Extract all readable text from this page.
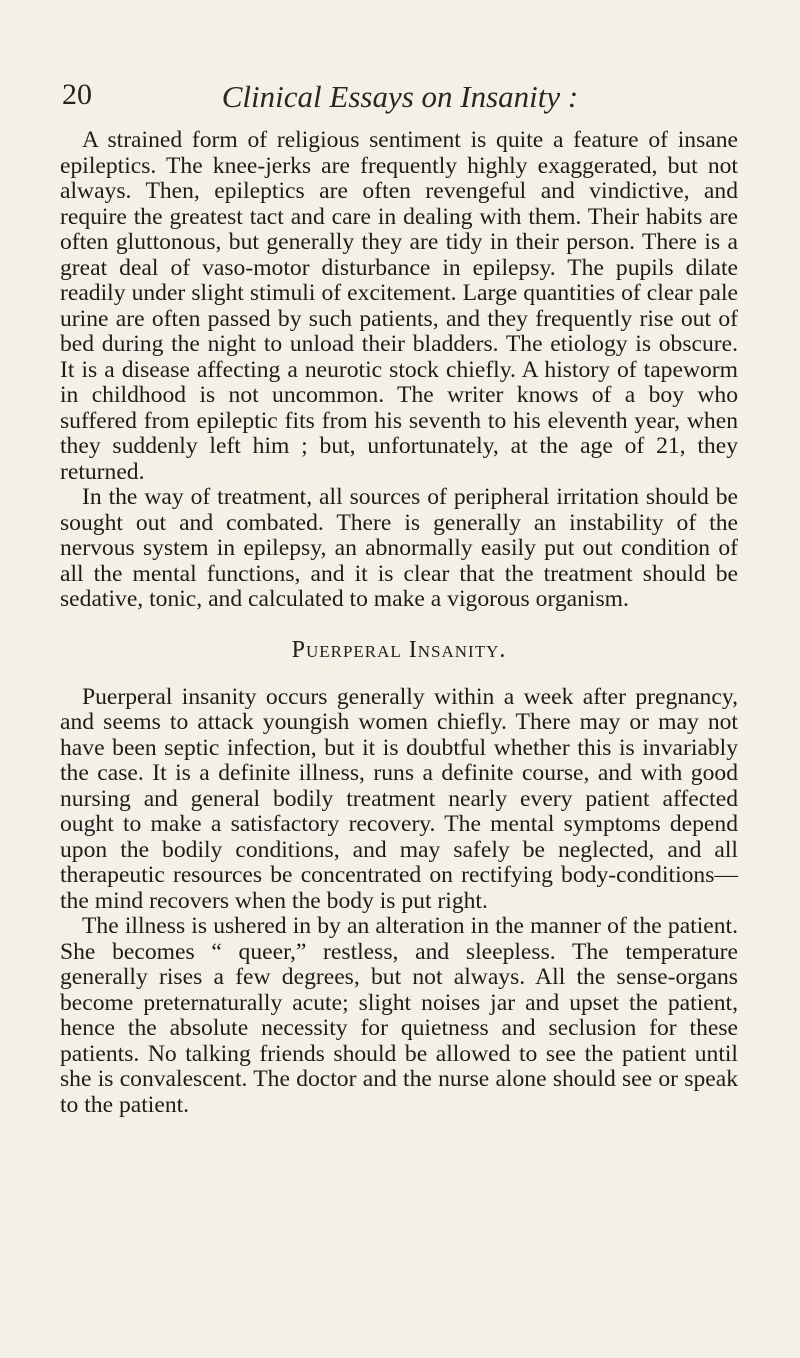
20	Clinical Essays on Insanity :

A strained form of religious sentiment is quite a feature of insane epileptics. The knee-jerks are frequently highly exaggerated, but not always. Then, epileptics are often revengeful and vindictive, and require the greatest tact and care in dealing with them. Their habits are often gluttonous, but generally they are tidy in their person. There is a great deal of vaso-motor disturbance in epilepsy. The pupils dilate readily under slight stimuli of excitement. Large quantities of clear pale urine are often passed by such patients, and they frequently rise out of bed during the night to unload their bladders. The etiology is obscure. It is a disease affecting a neurotic stock chiefly. A history of tapeworm in childhood is not uncommon. The writer knows of a boy who suffered from epileptic fits from his seventh to his eleventh year, when they suddenly left him ; but, unfortunately, at the age of 21, they returned.

In the way of treatment, all sources of peripheral irritation should be sought out and combated. There is generally an instability of the nervous system in epilepsy, an abnormally easily put out condition of all the mental functions, and it is clear that the treatment should be sedative, tonic, and calculated to make a vigorous organism.

Puerperal Insanity.

Puerperal insanity occurs generally within a week after pregnancy, and seems to attack youngish women chiefly. There may or may not have been septic infection, but it is doubtful whether this is invariably the case. It is a definite illness, runs a definite course, and with good nursing and general bodily treatment nearly every patient affected ought to make a satisfactory recovery. The mental symptoms depend upon the bodily conditions, and may safely be neglected, and all therapeutic resources be concentrated on rectifying body-conditions—the mind recovers when the body is put right.

The illness is ushered in by an alteration in the manner of the patient. She becomes “ queer,” restless, and sleepless. The temperature generally rises a few degrees, but not always. All the sense-organs become preternaturally acute; slight noises jar and upset the patient, hence the absolute necessity for quietness and seclusion for these patients. No talking friends should be allowed to see the patient until she is convalescent. The doctor and the nurse alone should see or speak to the patient.
